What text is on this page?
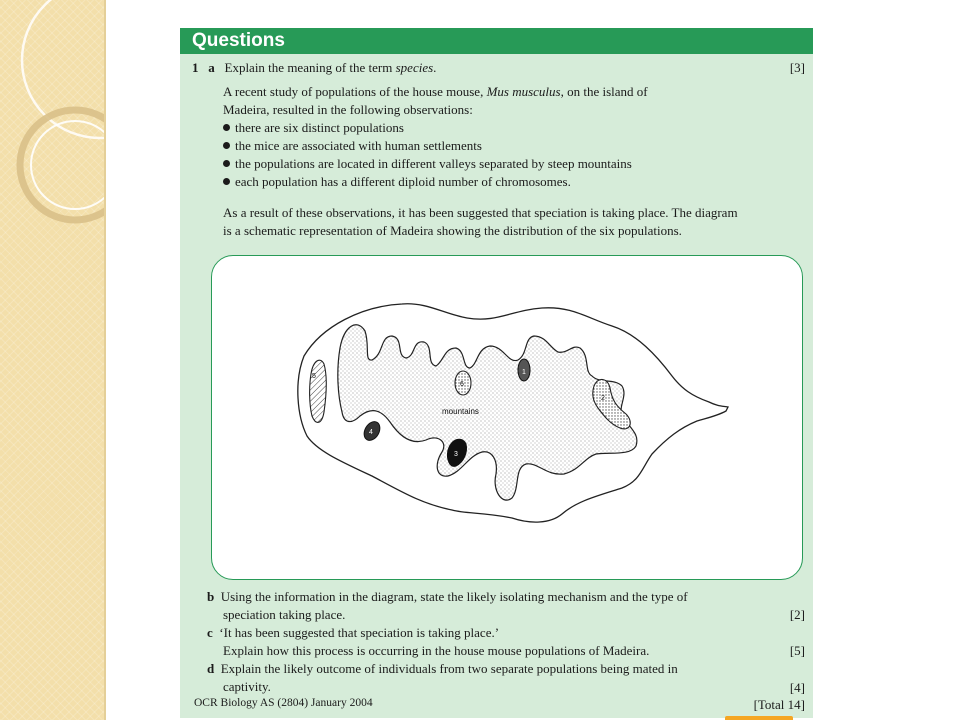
Questions
1 a Explain the meaning of the term species.	[3]
A recent study of populations of the house mouse, Mus musculus, on the island of
Madeira, resulted in the following observations:
there are six distinct populations
the mice are associated with human settlements
the populations are located in different valleys separated by steep mountains
each population has a different diploid number of chromosomes.
As a result of these observations, it has been suggested that speciation is taking place. The diagram
is a schematic representation of Madeira showing the distribution of the six populations.
mountains
1
2
3
4
5
6
b Using the information in the diagram, state the likely isolating mechanism and the type of
speciation taking place.	[2]
c ‘It has been suggested that speciation is taking place.’
Explain how this process is occurring in the house mouse populations of Madeira.	[5]
d Explain the likely outcome of individuals from two separate populations being mated in
captivity.	[4]
OCR Biology AS (2804) January 2004	[Total 14]
